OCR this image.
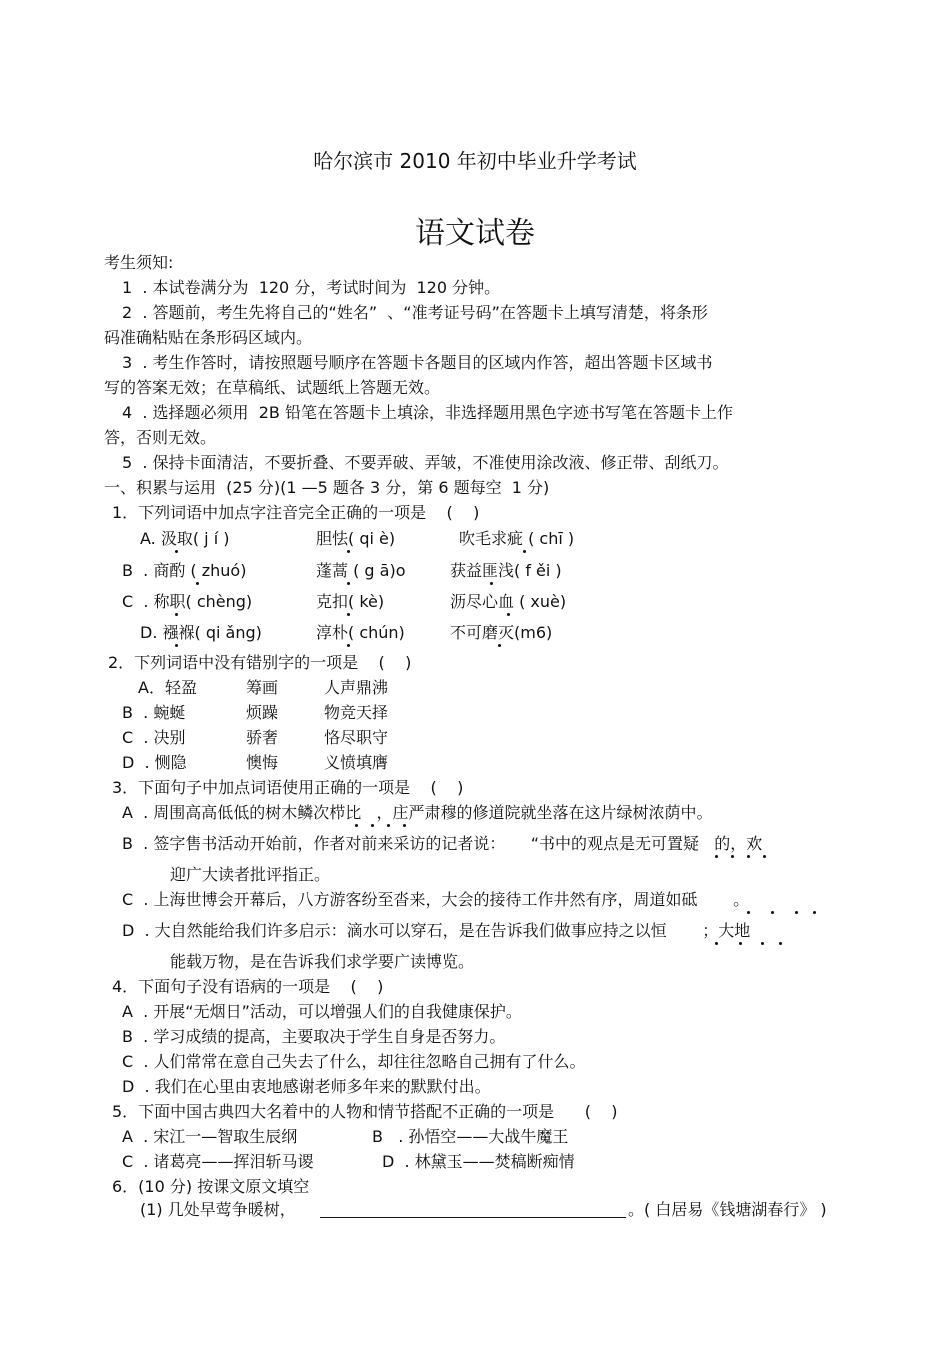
哈尔滨市 2010 年初中毕业升学考试
语文试卷
考生须知:
1  . 本试卷满分为  120 分，考试时间为  120 分钟。
2  . 答题前，考生先将自己的“姓名”  、“准考证号码”在答题卡上填写清楚，将条形
码准确粘贴在条形码区域内。
3  . 考生作答时，请按照题号顺序在答题卡各题目的区域内作答，超出答题卡区域书
写的答案无效；在草稿纸、试题纸上答题无效。
4  . 选择题必须用  2B 铅笔在答题卡上填涂，非选择题用黑色字迹书写笔在答题卡上作
答，否则无效。
5  . 保持卡面清洁，不要折叠、不要弄破、弄皱，不准使用涂改液、修正带、刮纸刀。
一、积累与运用  (25 分)(1 —5 题各 3 分，第 6 题每空  1 分)
1．下列词语中加点字注音完全正确的一项是    (    )
A. 汲取( j í )	胆怯( qi è)	吹毛求疵 ( chī )
B  . 商酌 ( zhuó)	蓬蒿 ( g ā)o	获益匪浅( f ěi )
C  . 称职( chèng)	克扣( kè)	沥尽心血 ( xuè)
D. 襁褓( qi ǎng)	淳朴( chún)	不可磨灭(m6)
2．下列词语中没有错别字的一项是    (    )
A．轻盈	筹画	人声鼎沸
B  . 蜿蜒	烦躁	物竞天择
C  . 决别	骄奢	恪尽职守
D  . 恻隐	懊悔	义愤填膺
3．下面句子中加点词语使用正确的一项是    (    )
A  . 周围高高低低的树木鳞次栉比   ，庄严肃穆的修道院就坐落在这片绿树浓荫中。
B  . 签字售书活动开始前，作者对前来采访的记者说：     “书中的观点是无可置疑   的，欢
迎广大读者批评指正。
C  . 上海世博会开幕后，八方游客纷至沓来，大会的接待工作井然有序，周道如砥       。
D  . 大自然能给我们许多启示：滴水可以穿石，是在告诉我们做事应持之以恒       ；大地
能载万物，是在告诉我们求学要广读博览。
4．下面句子没有语病的一项是    (    )
A  . 开展“无烟日”活动，可以增强人们的自我健康保护。
B  . 学习成绩的提高，主要取决于学生自身是否努力。
C  . 人们常常在意自己失去了什么，却往往忽略自己拥有了什么。
D  . 我们在心里由衷地感谢老师多年来的默默付出。
5．下面中国古典四大名着中的人物和情节搭配不正确的一项是      (    )
A  . 宋江一—智取生辰纲	B   . 孙悟空——大战牛魔王
C  . 诸葛亮——挥泪斩马谡	D  . 林黛玉——焚稿断痴情
6．(10 分) 按课文原文填空
(1) 几处早莺争暖树，	。( 白居易《钱塘湖春行》 )
